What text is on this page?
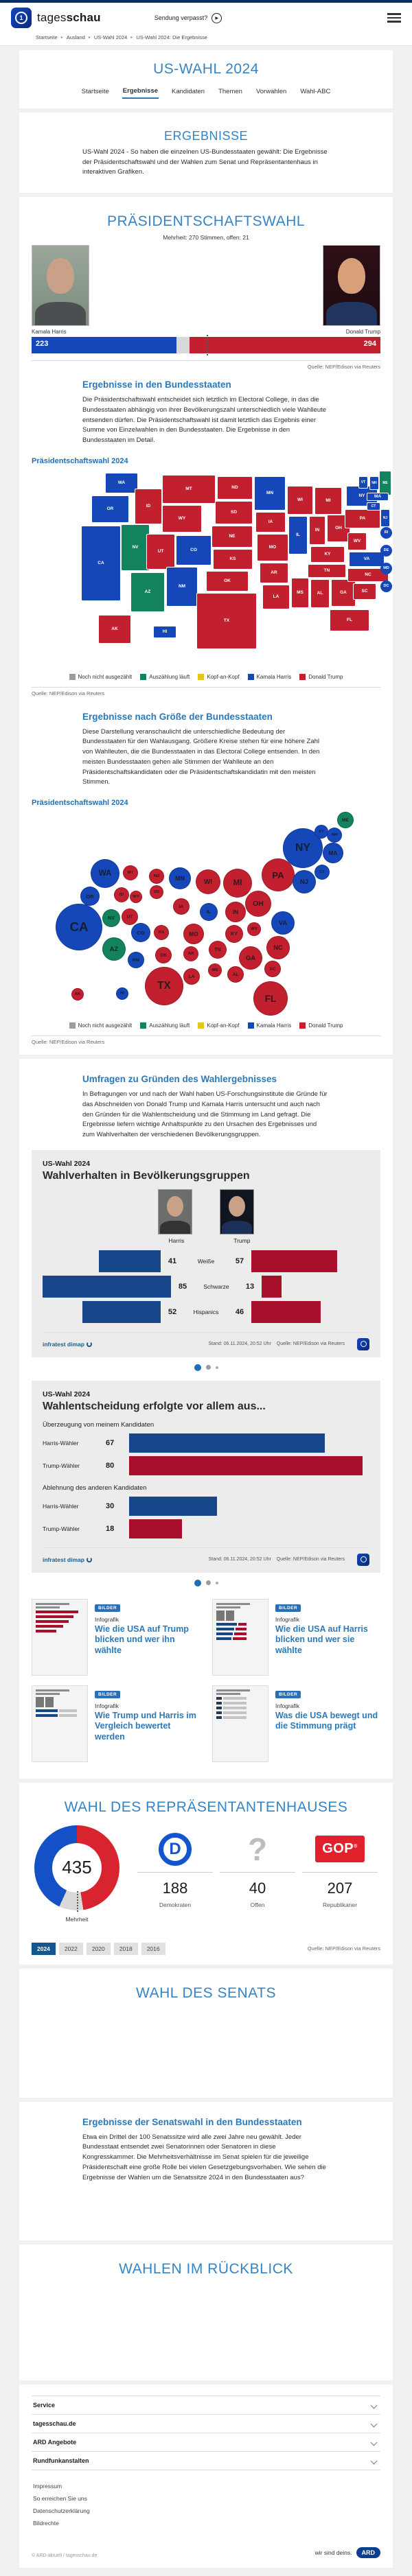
1	tagesschau	Sendung verpasst?	▶
Startseite ▸ Ausland ▸ US-Wahl 2024 ▸ US-Wahl 2024: Die Ergebnisse
US-WAHL 2024
Startseite Ergebnisse Kandidaten Themen Vorwahlen Wahl-ABC
ERGEBNISSE

US-Wahl 2024 - So haben die einzelnen US-Bundesstaaten gewählt: Die Ergebnisse der Präsidentschaftswahl und der Wahlen zum Senat und Repräsentantenhaus in interaktiven Grafiken.

PRÄSIDENTSCHAFTSWAHL

Mehrheit: 270 Stimmen, offen: 21

Kamala Harris	Donald Trump
223	294

Quelle: NEP/Edison via Reuters

Ergebnisse in den Bundesstaaten

Die Präsidentschaftswahl entscheidet sich letztlich im Electoral College, in das die Bundesstaaten abhängig von ihrer Bevölkerungszahl unterschiedlich viele Wahlleute entsenden dürfen. Die Präsidentschaftswahl ist damit letztlich das Ergebnis einer Summe von Einzelwahlen in den Bundesstaaten. Die Ergebnisse in den Bundesstaaten im Detail.

Präsidentschaftswahl 2024

WA
OR
CA
NV
ID
MT
WY
UT	CO
AZ
NM
ND
SD
NE
KS
OK
TX
MN
IA
MO
AR
LA
WI
IL
MS
MI
IN
KY
TN
AL
OH
GA
FL
WV
VA
NC
SC
PA
NY
ME
VT NH
MA
CT
NJ
AK
HI
RI
DE
MD
DC
Noch nicht ausgezählt	Auszählung läuft	Kopf-an-Kopf	Kamala Harris	Donald Trump

Quelle: NEP/Edison via Reuters

Ergebnisse nach Größe der Bundesstaaten

Diese Darstellung veranschaulicht die unterschiedliche Bedeutung der Bundesstaaten für den Wahlausgang. Größere Kreise stehen für eine höhere Zahl von Wahlleuten, die die Bundesstaaten in das Electoral College entsenden. In den meisten Bundesstaaten gehen alle Stimmen der Wahlleute an den Präsidentschaftskandidaten oder die Präsidentschaftskandidatin mit den meisten Stimmen.

Präsidentschaftswahl 2024

WA
OR
CA
NV
ID
MT
WY
UT
CO
AZ
NM
ND
SD
KS
OK
TX
MN
IA
MO
AR
LA
WI
IL
MS
MI
IN
KY
TN
AL
OH
GA
FL
WV
VA
NC
SC
PA
NY
ME
VT
NH
MA
CT
NJ
AK	HI
Noch nicht ausgezählt	Auszählung läuft	Kopf-an-Kopf	Kamala Harris	Donald Trump

Quelle: NEP/Edison via Reuters

Umfragen zu Gründen des Wahlergebnisses

In Befragungen vor und nach der Wahl haben US-Forschungsinstitute die Gründe für das Abschneiden von Donald Trump und Kamala Harris untersucht und auch nach den Gründen für die Wahlentscheidung und die Stimmung im Land gefragt. Die Ergebnisse liefern wichtige Anhaltspunkte zu den Ursachen des Ergebnisses und zum Wahlverhalten der verschiedenen Bevölkerungsgruppen.

US-Wahl 2024

Wahlverhalten in Bevölkerungsgruppen
Harris	Trump
41	Weiße	57
85	Schwarze	13
52	Hispanics	46
infratest dimap	Stand: 06.11.2024, 20:52 Uhr Quelle: NEP/Edison via Reuters

US-Wahl 2024

Wahlentscheidung erfolgte vor allem aus...

Überzeugung von meinem Kandidaten

Harris-Wähler	67
Trump-Wähler	80

Ablehnung des anderen Kandidaten

Harris-Wähler	30
Trump-Wähler	18
infratest dimap	Stand: 06.11.2024, 20:52 Uhr Quelle: NEP/Edison via Reuters
BILDER

Infografik

Wie die USA auf Trump blicken und wer ihn wählte
BILDER

Infografik

Wie die USA auf Harris blicken und wer sie wählte
BILDER

Infografik

Wie Trump und Harris im Vergleich bewertet werden
BILDER

Infografik

Was die USA bewegt und die Stimmung prägt
WAHL DES REPRÄSENTANTENHAUSES
435

Mehrheit

D
188
Demokraten
?
40
Offen
GOP®
207
Republikaner
2024 2022 2020 2018 2016	Quelle: NEP/Edison via Reuters
WAHL DES SENATS
Ergebnisse der Senatswahl in den Bundesstaaten

Etwa ein Drittel der 100 Senatssitze wird alle zwei Jahre neu gewählt. Jeder Bundesstaat entsendet zwei Senatorinnen oder Senatoren in diese Kongresskammer. Die Mehrheitsverhältnisse im Senat spielen für die jeweilige Präsidentschaft eine große Rolle bei vielen Gesetzgebungsvorhaben. Wie sehen die Ergebnisse der Wahlen um die Senatssitze 2024 in den Bundesstaaten aus?

WAHLEN IM RÜCKBLICK
Service
tagesschau.de
ARD Angebote
Rundfunkanstalten
Impressum
So erreichen Sie uns
Datenschutzerklärung
Bildrechte
© ARD-aktuell / tagesschau.de	wir sind deins.	ARD
